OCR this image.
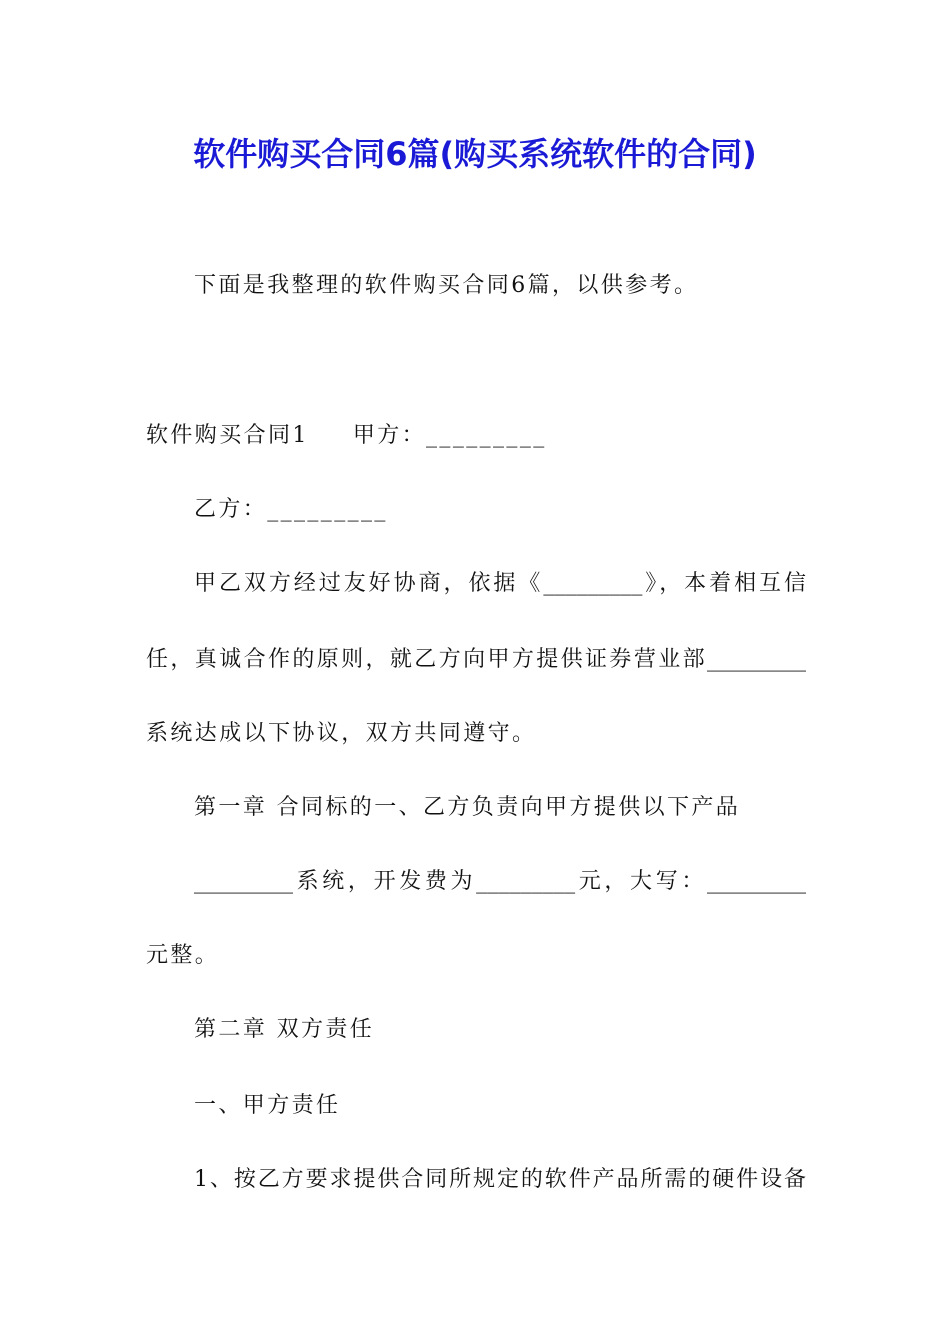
软件购买合同6篇(购买系统软件的合同)
下面是我整理的软件购买合同6篇，以供参考。
软件购买合同1 甲方：_________
乙方：_________
甲乙双方经过友好协商，依据《_________》，本着相互信
任，真诚合作的原则，就乙方向甲方提供证券营业部_________
系统达成以下协议，双方共同遵守。
第一章 合同标的一、乙方负责向甲方提供以下产品
_________系统，开发费为_________元，大写：_________
元整。
第二章 双方责任
一、甲方责任
1、按乙方要求提供合同所规定的软件产品所需的硬件设备
